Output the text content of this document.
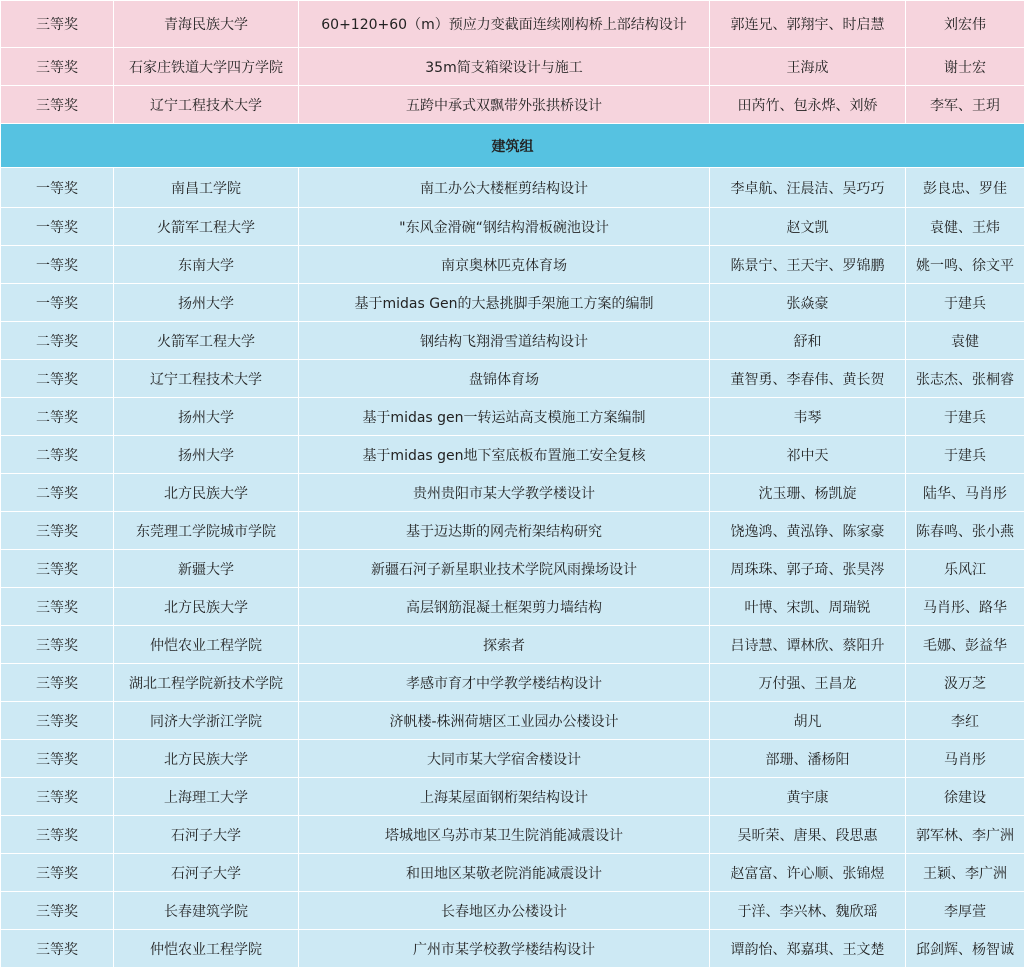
三等奖	青海民族大学	60+120+60（m）预应力变截面连续刚构桥上部结构设计	郭连兄、郭翔宇、时启慧	刘宏伟
三等奖	石家庄铁道大学四方学院	35m简支箱梁设计与施工	王海成	谢士宏
三等奖	辽宁工程技术大学	五跨中承式双飘带外张拱桥设计	田芮竹、包永烨、刘娇	李军、王玥
建筑组				
一等奖	南昌工学院	南工办公大楼框剪结构设计	李卓航、汪晨洁、吴巧巧	彭良忠、罗佳
一等奖	火箭军工程大学	"东风金滑碗“钢结构滑板碗池设计	赵文凯	袁健、王炜
一等奖	东南大学	南京奥林匹克体育场	陈景宁、王天宇、罗锦鹏	姚一鸣、徐文平
一等奖	扬州大学	基于midas Gen的大悬挑脚手架施工方案的编制	张焱豪	于建兵
二等奖	火箭军工程大学	钢结构飞翔滑雪道结构设计	舒和	袁健
二等奖	辽宁工程技术大学	盘锦体育场	董智勇、李春伟、黄长贺	张志杰、张桐睿
二等奖	扬州大学	基于midas gen一转运站高支模施工方案编制	韦琴	于建兵
二等奖	扬州大学	基于midas gen地下室底板布置施工安全复核	祁中天	于建兵
二等奖	北方民族大学	贵州贵阳市某大学教学楼设计	沈玉珊、杨凯旋	陆华、马肖彤
三等奖	东莞理工学院城市学院	基于迈达斯的网壳桁架结构研究	饶逸鸿、黄泓铮、陈家豪	陈春鸣、张小燕
三等奖	新疆大学	新疆石河子新星职业技术学院风雨操场设计	周珠珠、郭子琦、张昊涔	乐风江
三等奖	北方民族大学	高层钢筋混凝土框架剪力墙结构	叶博、宋凯、周瑞锐	马肖彤、路华
三等奖	仲恺农业工程学院	探索者	吕诗慧、谭林欣、蔡阳升	毛娜、彭益华
三等奖	湖北工程学院新技术学院	孝感市育才中学教学楼结构设计	万付强、王昌龙	汲万芝
三等奖	同济大学浙江学院	济帆楼-株洲荷塘区工业园办公楼设计	胡凡	李红
三等奖	北方民族大学	大同市某大学宿舍楼设计	部珊、潘杨阳	马肖彤
三等奖	上海理工大学	上海某屋面钢桁架结构设计	黄宇康	徐建设
三等奖	石河子大学	塔城地区乌苏市某卫生院消能减震设计	吴昕荣、唐果、段思惠	郭军林、李广洲
三等奖	石河子大学	和田地区某敬老院消能减震设计	赵富富、许心顺、张锦煜	王颖、李广洲
三等奖	长春建筑学院	长春地区办公楼设计	于洋、李兴林、魏欣瑶	李厚萱
三等奖	仲恺农业工程学院	广州市某学校教学楼结构设计	谭韵怡、郑嘉琪、王文楚	邱剑辉、杨智诚
